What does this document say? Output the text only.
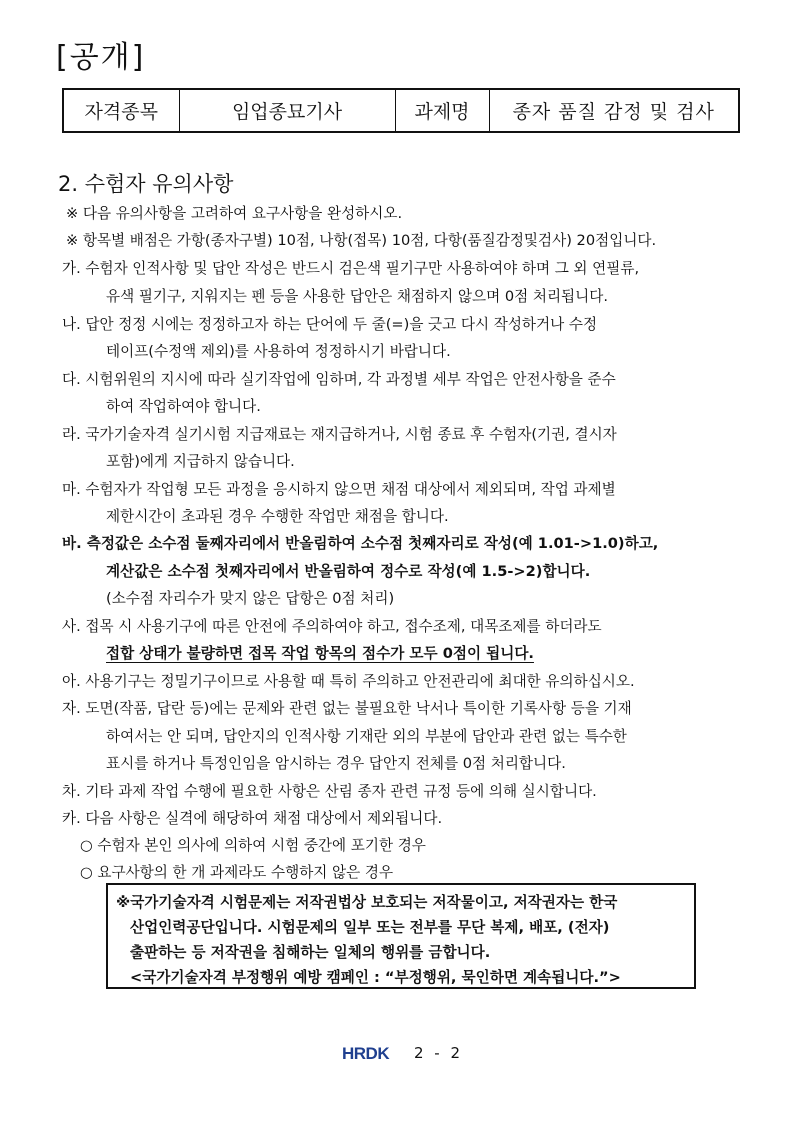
[공개]
자격종목	임업종묘기사	과제명	종자 품질 감정 및 검사
2. 수험자 유의사항
※ 다음 유의사항을 고려하여 요구사항을 완성하시오.
※ 항목별 배점은 가항(종자구별) 10점, 나항(접목) 10점, 다항(품질감정및검사) 20점입니다.
가. 수험자 인적사항 및 답안 작성은 반드시 검은색 필기구만 사용하여야 하며 그 외 연필류,
유색 필기구, 지워지는 펜 등을 사용한 답안은 채점하지 않으며 0점 처리됩니다.
나. 답안 정정 시에는 정정하고자 하는 단어에 두 줄(=)을 긋고 다시 작성하거나 수정
테이프(수정액 제외)를 사용하여 정정하시기 바랍니다.
다. 시험위원의 지시에 따라 실기작업에 임하며, 각 과정별 세부 작업은 안전사항을 준수
하여 작업하여야 합니다.
라. 국가기술자격 실기시험 지급재료는 재지급하거나, 시험 종료 후 수험자(기권, 결시자
포함)에게 지급하지 않습니다.
마. 수험자가 작업형 모든 과정을 응시하지 않으면 채점 대상에서 제외되며, 작업 과제별
제한시간이 초과된 경우 수행한 작업만 채점을 합니다.
바. 측정값은 소수점 둘째자리에서 반올림하여 소수점 첫째자리로 작성(예 1.01->1.0)하고,
계산값은 소수점 첫째자리에서 반올림하여 정수로 작성(예 1.5->2)합니다.
(소수점 자리수가 맞지 않은 답항은 0점 처리)
사. 접목 시 사용기구에 따른 안전에 주의하여야 하고, 접수조제, 대목조제를 하더라도
접합 상태가 불량하면 접목 작업 항목의 점수가 모두 0점이 됩니다.
아. 사용기구는 정밀기구이므로 사용할 때 특히 주의하고 안전관리에 최대한 유의하십시오.
자. 도면(작품, 답란 등)에는 문제와 관련 없는 불필요한 낙서나 특이한 기록사항 등을 기재
하여서는 안 되며, 답안지의 인적사항 기재란 외의 부분에 답안과 관련 없는 특수한
표시를 하거나 특정인임을 암시하는 경우 답안지 전체를 0점 처리합니다.
차. 기타 과제 작업 수행에 필요한 사항은 산림 종자 관련 규정 등에 의해 실시합니다.
카. 다음 사항은 실격에 해당하여 채점 대상에서 제외됩니다.
○ 수험자 본인 의사에 의하여 시험 중간에 포기한 경우
○ 요구사항의 한 개 과제라도 수행하지 않은 경우
※국가기술자격 시험문제는 저작권법상 보호되는 저작물이고, 저작권자는 한국
산업인력공단입니다. 시험문제의 일부 또는 전부를 무단 복제, 배포, (전자)
출판하는 등 저작권을 침해하는 일체의 행위를 금합니다.
<국가기술자격 부정행위 예방 캠페인 : “부정행위, 묵인하면 계속됩니다.”>
HRDK 2 - 2
